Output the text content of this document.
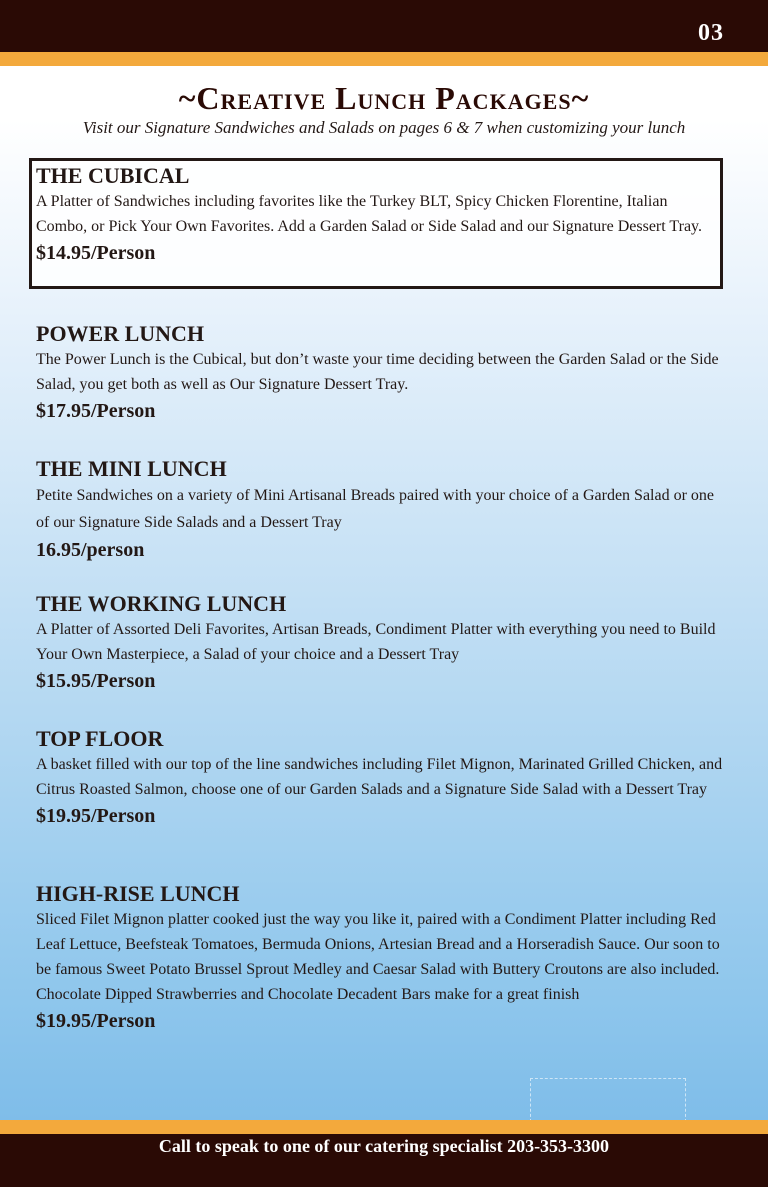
03
~Creative Lunch Packages~
Visit our Signature Sandwiches and Salads on pages 6 & 7 when customizing your lunch
THE CUBICAL

A Platter of Sandwiches including favorites like the Turkey BLT, Spicy Chicken Florentine, Italian Combo, or Pick Your Own Favorites. Add a Garden Salad or Side Salad and our Signature Dessert Tray.

$14.95/Person

POWER LUNCH

The Power Lunch is the Cubical, but don’t waste your time deciding between the Garden Salad or the Side Salad, you get both as well as Our Signature Dessert Tray.

$17.95/Person

THE MINI LUNCH

Petite Sandwiches on a variety of Mini Artisanal Breads paired with your choice of a Garden Salad or one of our Signature Side Salads and a Dessert Tray

16.95/person

THE WORKING LUNCH

A Platter of Assorted Deli Favorites, Artisan Breads, Condiment Platter with everything you need to Build Your Own Masterpiece, a Salad of your choice and a Dessert Tray

$15.95/Person

TOP FLOOR

A basket filled with our top of the line sandwiches including Filet Mignon, Marinated Grilled Chicken, and Citrus Roasted Salmon, choose one of our Garden Salads and a Signature Side Salad with a Dessert Tray

$19.95/Person

HIGH-RISE LUNCH

Sliced Filet Mignon platter cooked just the way you like it, paired with a Condiment Platter including Red Leaf Lettuce, Beefsteak Tomatoes, Bermuda Onions, Artesian Bread and a Horseradish Sauce. Our soon to be famous Sweet Potato Brussel Sprout Medley and Caesar Salad with Buttery Croutons are also included. Chocolate Dipped Strawberries and Chocolate Decadent Bars make for a great finish

$19.95/Person

Call to speak to one of our catering specialist 203-353-3300
